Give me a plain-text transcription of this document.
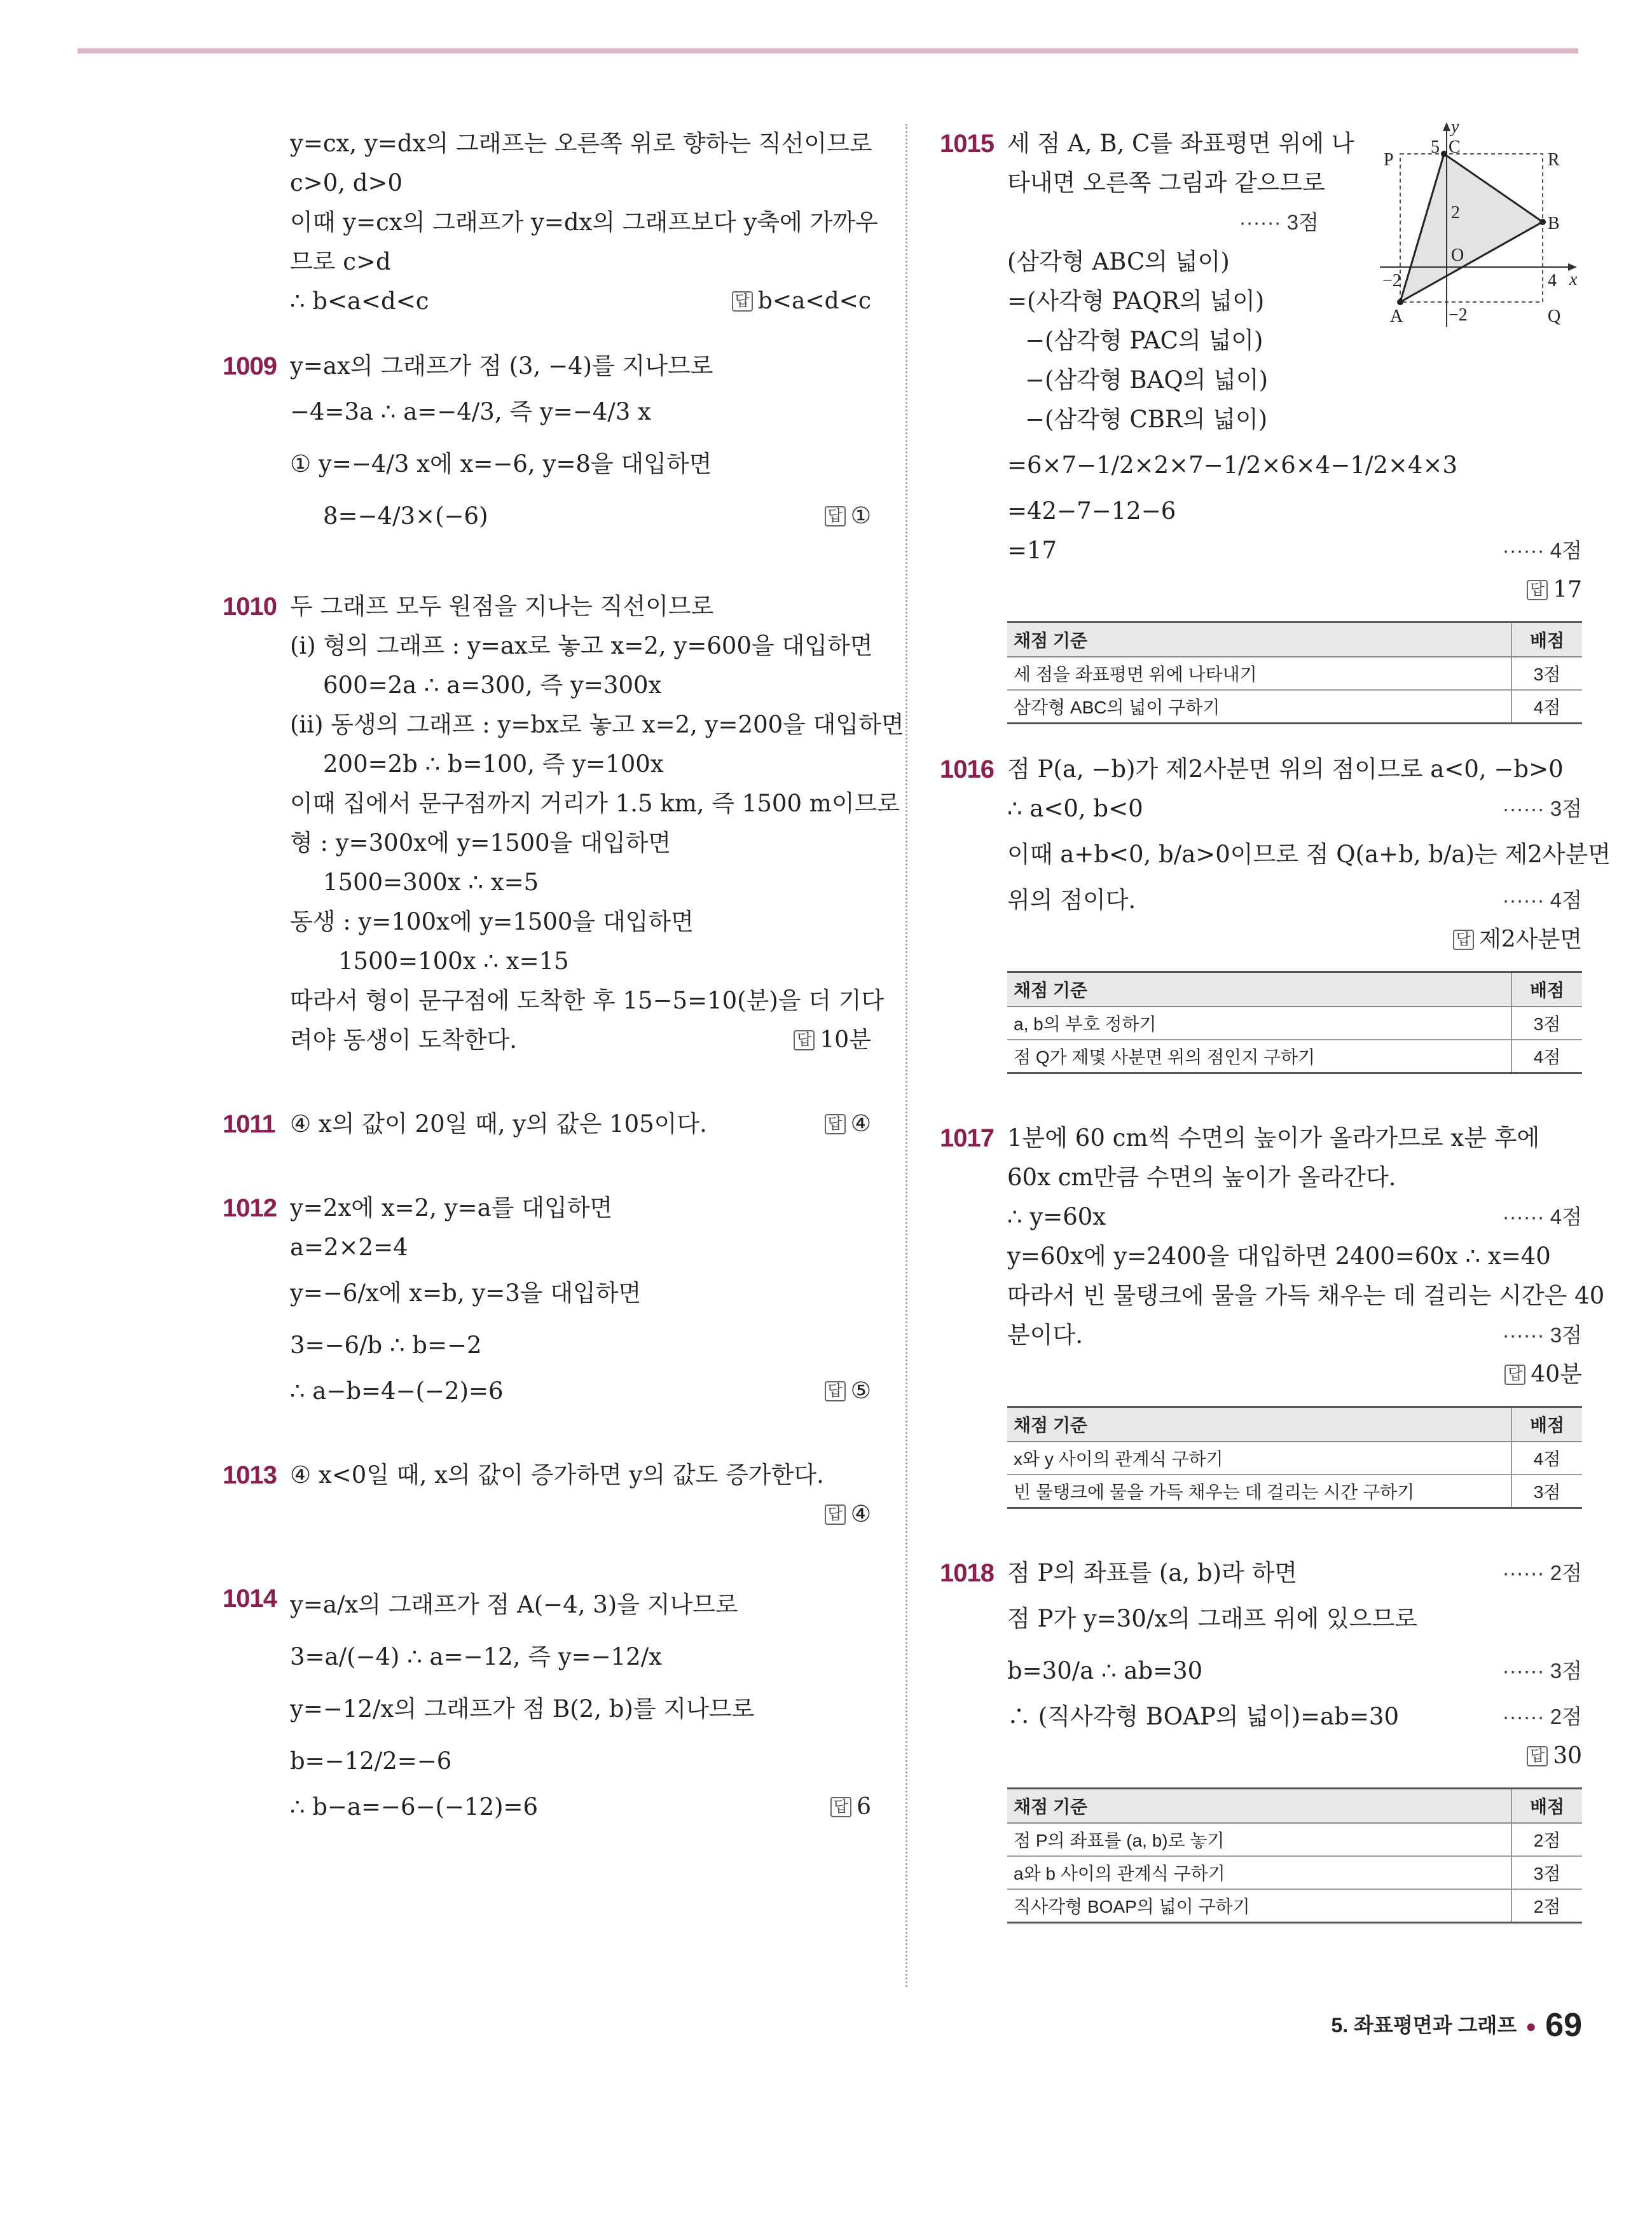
y=cx, y=dx의 그래프는 오른쪽 위로 향하는 직선이므로
c>0, d>0
이때 y=cx의 그래프가 y=dx의 그래프보다 y축에 가까우
므로 c>d
∴ b<a<d<c	답 b<a<d<c
1009 y=ax의 그래프가 점 (3, −4)를 지나므로
−4=3a ∴ a=−4/3, 즉 y=−4/3 x
① y=−4/3 x에 x=−6, y=8을 대입하면
8=−4/3×(−6)	답 ①
1010 두 그래프 모두 원점을 지나는 직선이므로
(ⅰ) 형의 그래프 : y=ax로 놓고 x=2, y=600을 대입하면
600=2a ∴ a=300, 즉 y=300x
(ⅱ) 동생의 그래프 : y=bx로 놓고 x=2, y=200을 대입하면
200=2b ∴ b=100, 즉 y=100x
이때 집에서 문구점까지 거리가 1.5 km, 즉 1500 m이므로
형 : y=300x에 y=1500을 대입하면
1500=300x ∴ x=5
동생 : y=100x에 y=1500을 대입하면
1500=100x ∴ x=15
따라서 형이 문구점에 도착한 후 15−5=10(분)을 더 기다
려야 동생이 도착한다.	답 10분
1011 ④ x의 값이 20일 때, y의 값은 105이다.	답 ④
1012 y=2x에 x=2, y=a를 대입하면
a=2×2=4
y=−6/x에 x=b, y=3을 대입하면
3=−6/b ∴ b=−2
∴ a−b=4−(−2)=6	답 ⑤
1013 ④ x<0일 때, x의 값이 증가하면 y의 값도 증가한다.
답 ④
1014 y=a/x의 그래프가 점 A(−4, 3)을 지나므로
3=a/(−4) ∴ a=−12, 즉 y=−12/x
y=−12/x의 그래프가 점 B(2, b)를 지나므로
b=−12/2=−6
∴ b−a=−6−(−12)=6	답 6
y
x
5
2
O
−2	4
−2
P
C
R
B
A	Q
1015 세 점 A, B, C를 좌표평면 위에 나
타내면 오른쪽 그림과 같으므로
······ 3점
(삼각형 ABC의 넓이)
=(사각형 PAQR의 넓이)
−(삼각형 PAC의 넓이)
−(삼각형 BAQ의 넓이)
−(삼각형 CBR의 넓이)
=6×7−1/2×2×7−1/2×6×4−1/2×4×3
=42−7−12−6
=17	······ 4점
답 17
채점 기준	배점
세 점을 좌표평면 위에 나타내기	3점
삼각형 ABC의 넓이 구하기	4점
1016 점 P(a, −b)가 제2사분면 위의 점이므로 a<0, −b>0
∴ a<0, b<0	······ 3점
이때 a+b<0, b/a>0이므로 점 Q(a+b, b/a)는 제2사분면
위의 점이다.	······ 4점
답 제2사분면
채점 기준	배점
a, b의 부호 정하기	3점
점 Q가 제몇 사분면 위의 점인지 구하기	4점
1017 1분에 60 cm씩 수면의 높이가 올라가므로 x분 후에
60x cm만큼 수면의 높이가 올라간다.
∴ y=60x	······ 4점
y=60x에 y=2400을 대입하면 2400=60x ∴ x=40
따라서 빈 물탱크에 물을 가득 채우는 데 걸리는 시간은 40
분이다.	······ 3점
답 40분
채점 기준	배점
x와 y 사이의 관계식 구하기	4점
빈 물탱크에 물을 가득 채우는 데 걸리는 시간 구하기	3점
1018 점 P의 좌표를 (a, b)라 하면	······ 2점
점 P가 y=30/x의 그래프 위에 있으므로
b=30/a ∴ ab=30	······ 3점
∴ (직사각형 BOAP의 넓이)=ab=30	······ 2점
답 30
채점 기준	배점
점 P의 좌표를 (a, b)로 놓기	2점
a와 b 사이의 관계식 구하기	3점
직사각형 BOAP의 넓이 구하기	2점
5. 좌표평면과 그래프 ● 69
